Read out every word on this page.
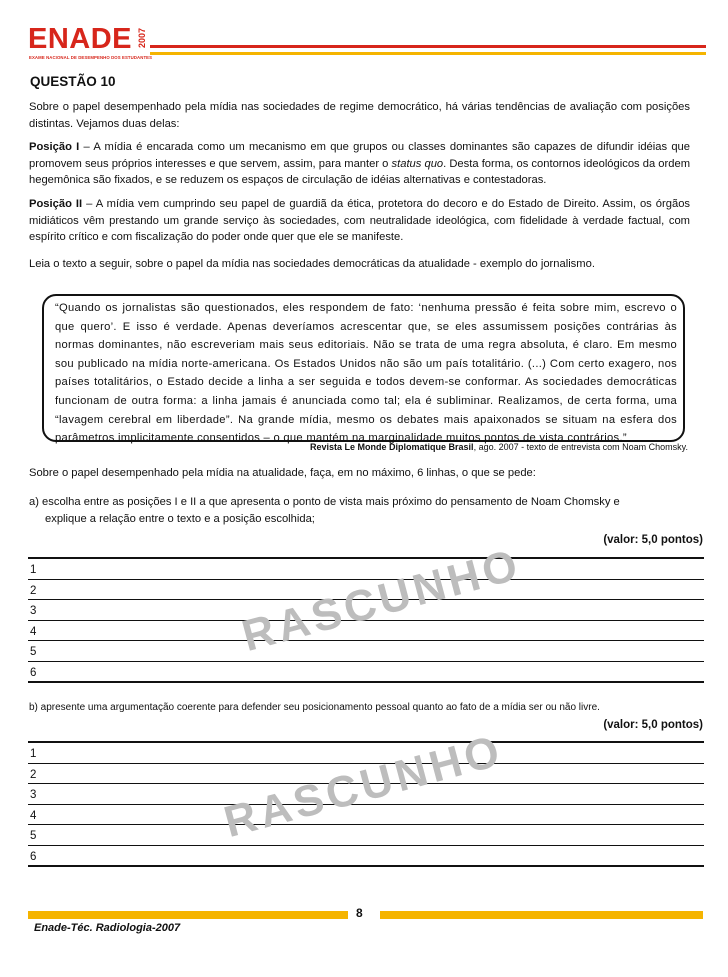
ENADE 2007
EXAME NACIONAL DE DESEMPENHO DOS ESTUDANTES
QUESTÃO 10
Sobre o papel desempenhado pela mídia nas sociedades de regime democrático, há várias tendências de avaliação com posições distintas. Vejamos duas delas:
Posição I – A mídia é encarada como um mecanismo em que grupos ou classes dominantes são capazes de difundir idéias que promovem seus próprios interesses e que servem, assim, para manter o status quo. Desta forma, os contornos ideológicos da ordem hegemônica são fixados, e se reduzem os espaços de circulação de idéias alternativas e contestadoras.
Posição II – A mídia vem cumprindo seu papel de guardiã da ética, protetora do decoro e do Estado de Direito. Assim, os órgãos midiáticos vêm prestando um grande serviço às sociedades, com neutralidade ideológica, com fidelidade à verdade factual, com espírito crítico e com fiscalização do poder onde quer que ele se manifeste.
Leia o texto a seguir, sobre o papel da mídia nas sociedades democráticas da atualidade - exemplo do jornalismo.
“Quando os jornalistas são questionados, eles respondem de fato: ‘nenhuma pressão é feita sobre mim, escrevo o que quero’. E isso é verdade. Apenas deveríamos acrescentar que, se eles assumissem posições contrárias às normas dominantes, não escreveriam mais seus editoriais. Não se trata de uma regra absoluta, é claro. Em mesmo sou publicado na mídia norte-americana. Os Estados Unidos não são um país totalitário. (...) Com certo exagero, nos países totalitários, o Estado decide a linha a ser seguida e todos devem-se conformar. As sociedades democráticas funcionam de outra forma: a linha jamais é anunciada como tal; ela é subliminar. Realizamos, de certa forma, uma “lavagem cerebral em liberdade”. Na grande mídia, mesmo os debates mais apaixonados se situam na esfera dos parâmetros implicitamente consentidos – o que mantém na marginalidade muitos pontos de vista contrários.”
Revista Le Monde Diplomatique Brasil, ago. 2007 - texto de entrevista com Noam Chomsky.
Sobre o papel desempenhado pela mídia na atualidade, faça, em no máximo, 6 linhas, o que se pede:
a) escolha entre as posições I e II a que apresenta o ponto de vista mais próximo do pensamento de Noam Chomsky e
explique a relação entre o texto e a posição escolhida;
(valor: 5,0 pontos)
1
2
3
4
5
6
RASCUNHO
b) apresente uma argumentação coerente para defender seu posicionamento pessoal quanto ao fato de a mídia ser ou não livre.
(valor: 5,0 pontos)
1
2
3
4
5
6
RASCUNHO
8
Enade-Téc. Radiologia-2007
